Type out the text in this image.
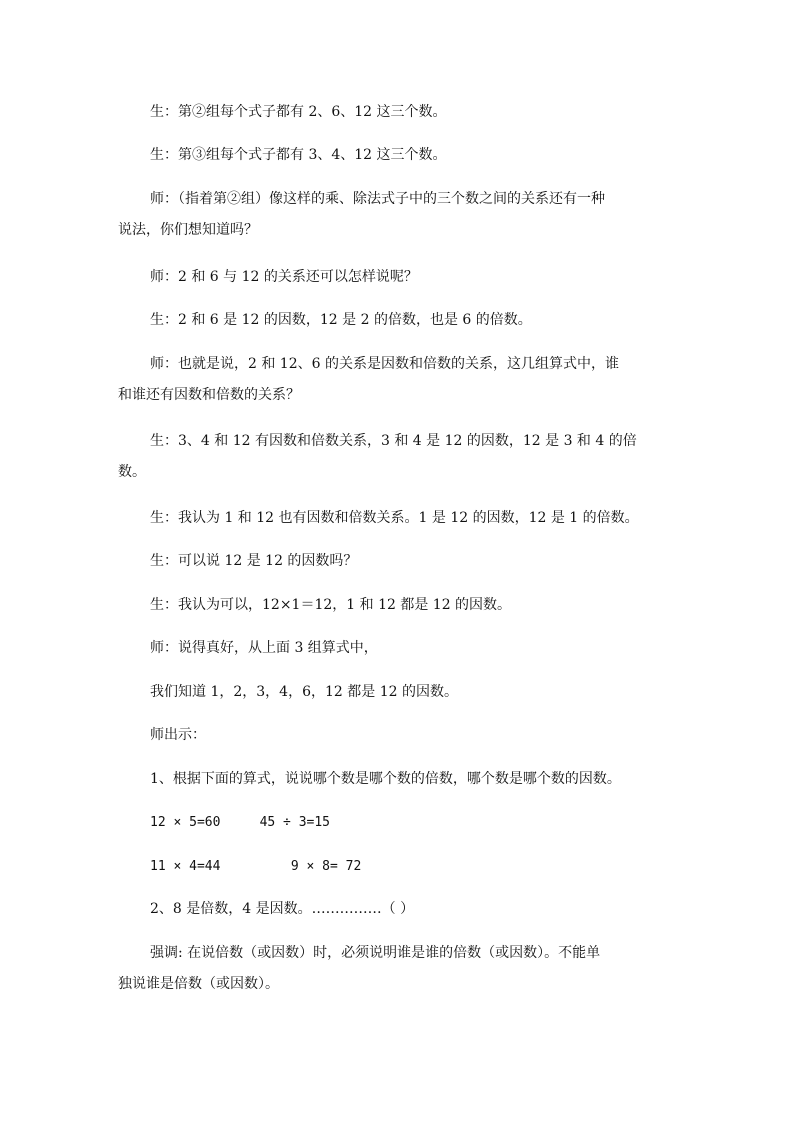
生：第②组每个式子都有 2、6、12 这三个数。

生：第③组每个式子都有 3、4、12 这三个数。

师：（指着第②组）像这样的乘、除法式子中的三个数之间的关系还有一种
说法，你们想知道吗？

师：2 和 6 与 12 的关系还可以怎样说呢？

生：2 和 6 是 12 的因数，12 是 2 的倍数，也是 6 的倍数。

师：也就是说，2 和 12、6 的关系是因数和倍数的关系，这几组算式中，谁
和谁还有因数和倍数的关系？

生：3、4 和 12 有因数和倍数关系，3 和 4 是 12 的因数，12 是 3 和 4 的倍
数。

生：我认为 1 和 12 也有因数和倍数关系。1 是 12 的因数，12 是 1 的倍数。

生：可以说 12 是 12 的因数吗？

生：我认为可以，12×1＝12，1 和 12 都是 12 的因数。

师：说得真好，从上面 3 组算式中，

我们知道 1，2，3，4，6，12 都是 12 的因数。

师出示：

1、根据下面的算式，说说哪个数是哪个数的倍数，哪个数是哪个数的因数。

12 × 5=60     45 ÷ 3=15

11 × 4=44         9 × 8= 72

2、8 是倍数，4 是因数。……………（ ）

强调: 在说倍数（或因数）时，必须说明谁是谁的倍数（或因数）。不能单
独说谁是倍数（或因数）。
